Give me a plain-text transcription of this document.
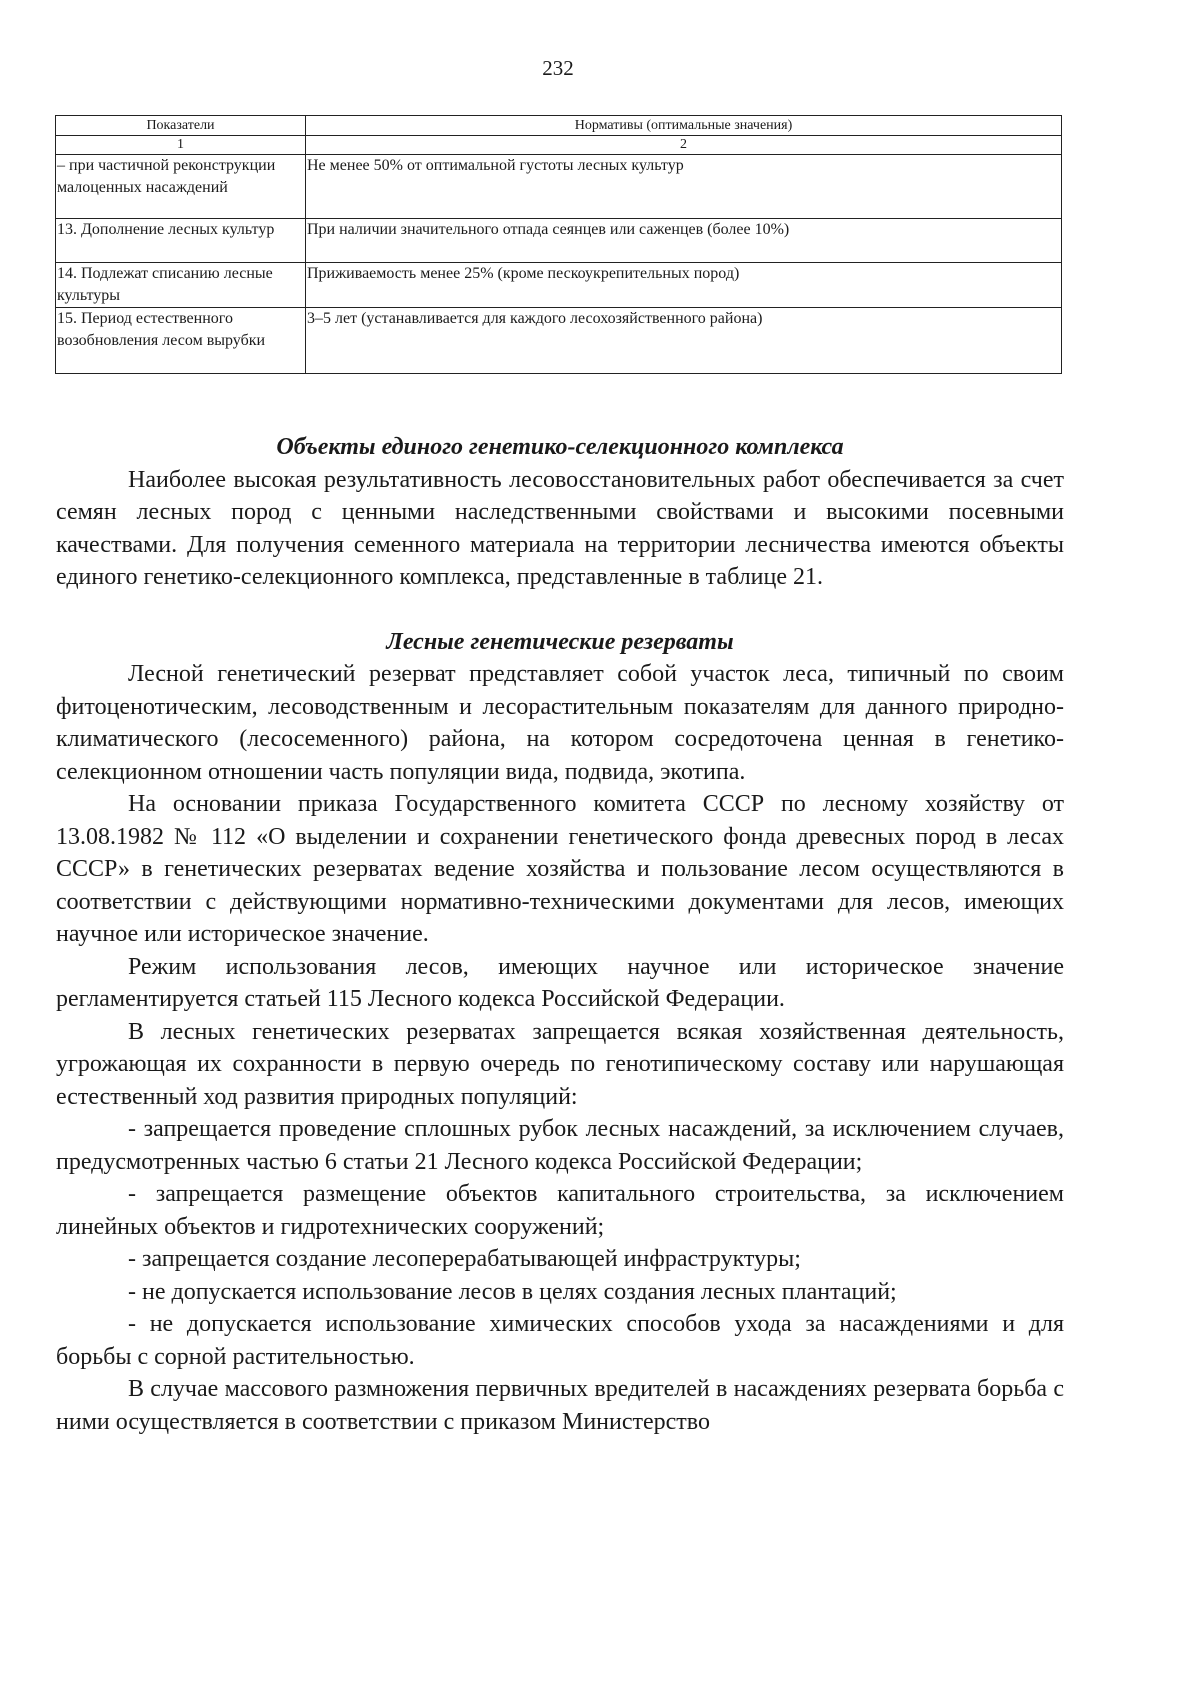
232
Показатели	Нормативы (оптимальные значения)
1	2
– при частичной реконструкции малоценных насаждений	Не менее 50% от оптимальной густоты лесных культур
13. Дополнение лесных культур	При наличии значительного отпада сеянцев или саженцев (более 10%)
14. Подлежат списанию лесные культуры	Приживаемость менее 25% (кроме пескоукрепительных пород)
15. Период естественного возобновления лесом вырубки	3–5 лет (устанавливается для каждого лесохозяйственного района)
Объекты единого генетико-селекционного комплекса

Наиболее высокая результативность лесовосстановительных работ обеспечивается за счет семян лесных пород с ценными наследственными свойствами и высокими посевными качествами. Для получения семенного материала на территории лесничества имеются объекты единого генетико-селекционного комплекса, представленные в таблице 21.

Лесные генетические резерваты

Лесной генетический резерват представляет собой участок леса, типичный по своим фитоценотическим, лесоводственным и лесорастительным показателям для данного природно-климатического (лесосеменного) района, на котором сосредоточена ценная в генетико-селекционном отношении часть популяции вида, подвида, экотипа.

На основании приказа Государственного комитета СССР по лесному хозяйству от 13.08.1982 № 112 «О выделении и сохранении генетического фонда древесных пород в лесах СССР» в генетических резерватах ведение хозяйства и пользование лесом осуществляются в соответствии с действующими нормативно-техническими документами для лесов, имеющих научное или историческое значение.

Режим использования лесов, имеющих научное или историческое значение регламентируется статьей 115 Лесного кодекса Российской Федерации.

В лесных генетических резерватах запрещается всякая хозяйственная деятельность, угрожающая их сохранности в первую очередь по генотипическому составу или нарушающая естественный ход развития природных популяций:

- запрещается проведение сплошных рубок лесных насаждений, за исключением случаев, предусмотренных частью 6 статьи 21 Лесного кодекса Российской Федерации;

- запрещается размещение объектов капитального строительства, за исключением линейных объектов и гидротехнических сооружений;

- запрещается создание лесоперерабатывающей инфраструктуры;

- не допускается использование лесов в целях создания лесных плантаций;

- не допускается использование химических способов ухода за насаждениями и для борьбы с сорной растительностью.

В случае массового размножения первичных вредителей в насаждениях резервата борьба с ними осуществляется в соответствии с приказом Министерство
